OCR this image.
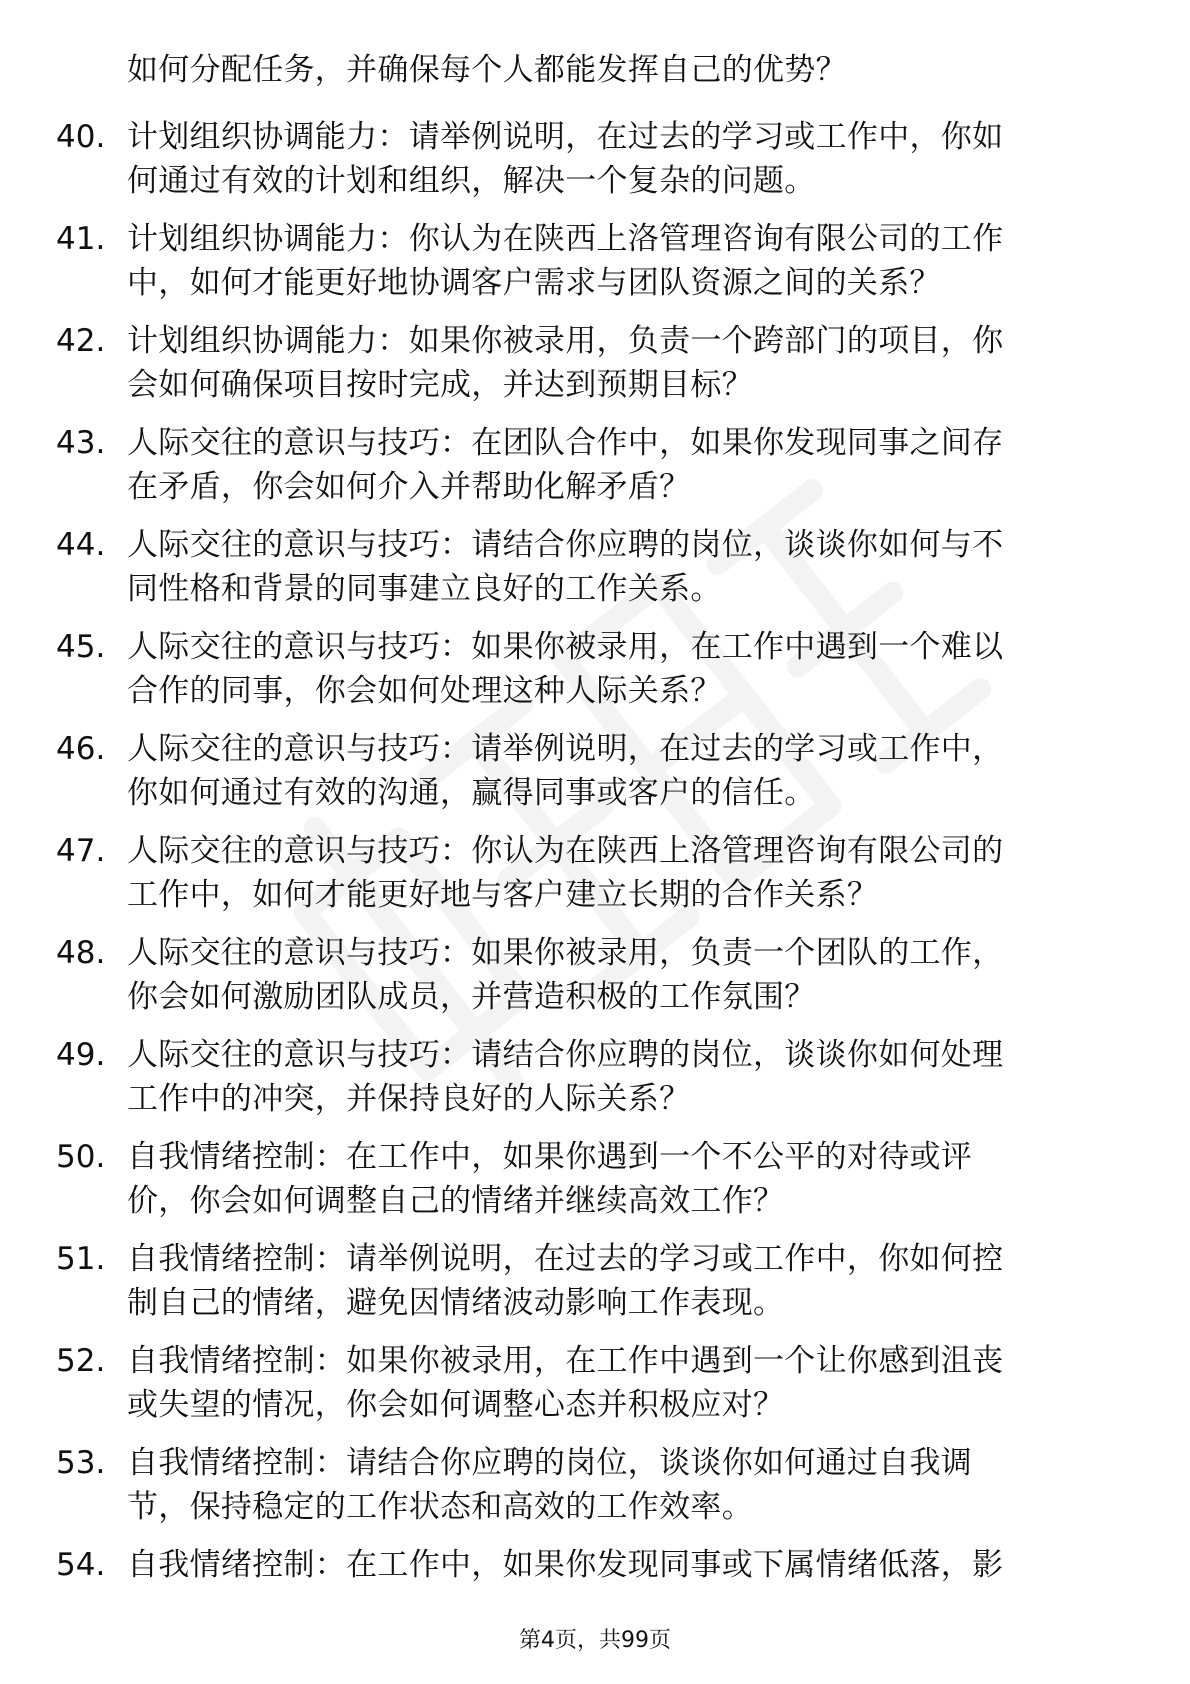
如何分配任务，并确保每个人都能发挥自己的优势？
40. 计划组织协调能力：请举例说明，在过去的学习或工作中，你如
何通过有效的计划和组织，解决一个复杂的问题。
41. 计划组织协调能力：你认为在陕西上洛管理咨询有限公司的工作
中，如何才能更好地协调客户需求与团队资源之间的关系？
42. 计划组织协调能力：如果你被录用，负责一个跨部门的项目，你
会如何确保项目按时完成，并达到预期目标？
43. 人际交往的意识与技巧：在团队合作中，如果你发现同事之间存
在矛盾，你会如何介入并帮助化解矛盾？
44. 人际交往的意识与技巧：请结合你应聘的岗位，谈谈你如何与不
同性格和背景的同事建立良好的工作关系。
45. 人际交往的意识与技巧：如果你被录用，在工作中遇到一个难以
合作的同事，你会如何处理这种人际关系？
46. 人际交往的意识与技巧：请举例说明，在过去的学习或工作中，
你如何通过有效的沟通，赢得同事或客户的信任。
47. 人际交往的意识与技巧：你认为在陕西上洛管理咨询有限公司的
工作中，如何才能更好地与客户建立长期的合作关系？
48. 人际交往的意识与技巧：如果你被录用，负责一个团队的工作，
你会如何激励团队成员，并营造积极的工作氛围？
49. 人际交往的意识与技巧：请结合你应聘的岗位，谈谈你如何处理
工作中的冲突，并保持良好的人际关系？
50. 自我情绪控制：在工作中，如果你遇到一个不公平的对待或评
价，你会如何调整自己的情绪并继续高效工作？
51. 自我情绪控制：请举例说明，在过去的学习或工作中，你如何控
制自己的情绪，避免因情绪波动影响工作表现。
52. 自我情绪控制：如果你被录用，在工作中遇到一个让你感到沮丧
或失望的情况，你会如何调整心态并积极应对？
53. 自我情绪控制：请结合你应聘的岗位，谈谈你如何通过自我调
节，保持稳定的工作状态和高效的工作效率。
54. 自我情绪控制：在工作中，如果你发现同事或下属情绪低落，影
第4页，共99页
